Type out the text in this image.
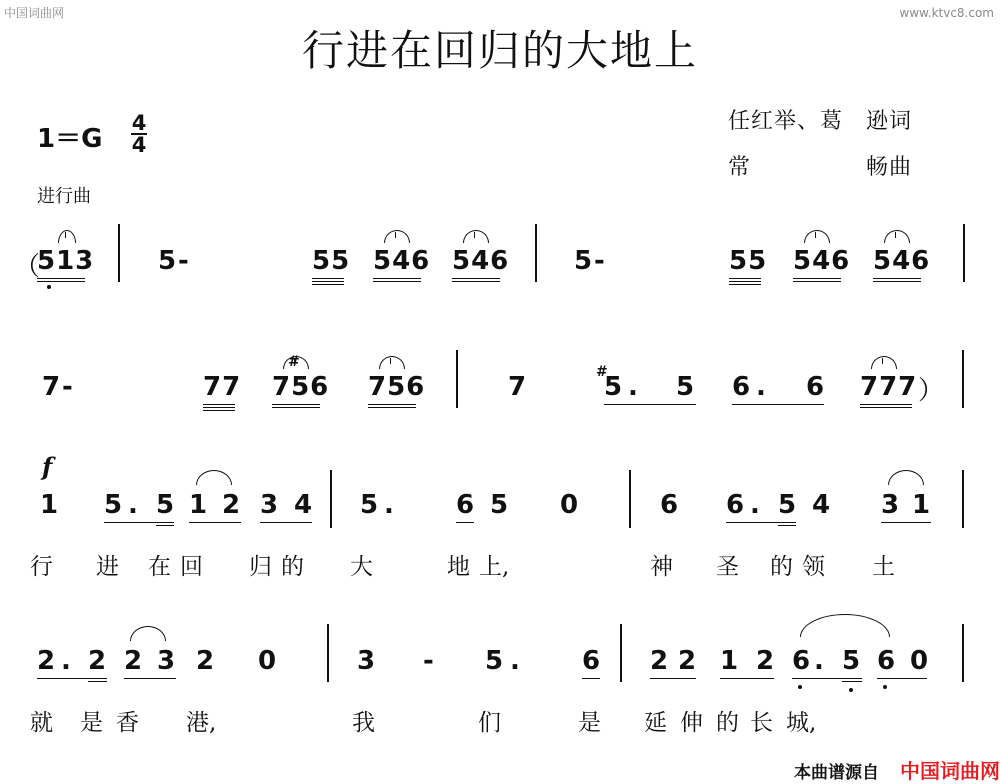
中国词曲网	www.ktvc8.com
行进在回归的大地上
1＝G
4
4
进行曲
任红举、葛　逊词
常　　　　　畅曲
（
513 5 -	55 546 546 5 -	55 546 546
7 -	77 756
#
756	7	#
5 . 5 6 . 6 777 ）
f
1 5 . 5 1 2 3 4 5 . 6 5 0	6 6 . 5 4 3 1
行 进 在 回 归 的 大	地 上,	神 圣 的 领 土
2 . 2 2 3 2 0	3 - 5 . 6 2 2 1 2 6 . 5 6 0
就 是 香 港,	我	们	是 延 伸 的 长 城,
本曲谱源自 中国词曲网
